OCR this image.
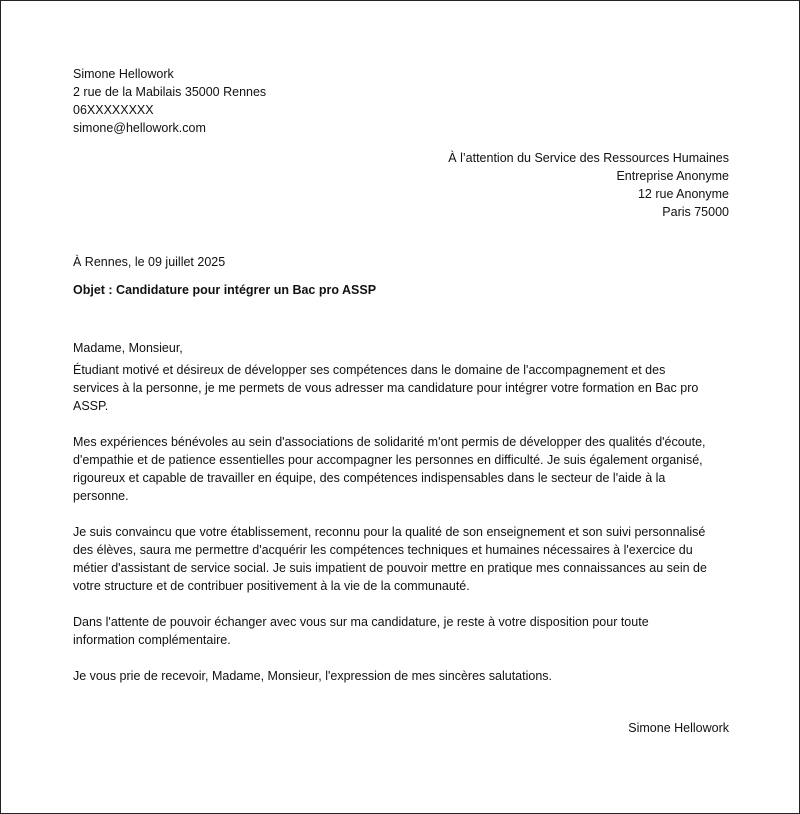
Simone Hellowork
2 rue de la Mabilais 35000 Rennes
06XXXXXXXX
simone@hellowork.com
À l’attention du Service des Ressources Humaines
Entreprise Anonyme
12 rue Anonyme
Paris 75000
À Rennes, le 09 juillet 2025
Objet : Candidature pour intégrer un Bac pro ASSP
Madame, Monsieur,
Étudiant motivé et désireux de développer ses compétences dans le domaine de l'accompagnement et des
services à la personne, je me permets de vous adresser ma candidature pour intégrer votre formation en Bac pro
ASSP.
Mes expériences bénévoles au sein d'associations de solidarité m'ont permis de développer des qualités d'écoute,
d'empathie et de patience essentielles pour accompagner les personnes en difficulté. Je suis également organisé,
rigoureux et capable de travailler en équipe, des compétences indispensables dans le secteur de l'aide à la
personne.
Je suis convaincu que votre établissement, reconnu pour la qualité de son enseignement et son suivi personnalisé
des élèves, saura me permettre d'acquérir les compétences techniques et humaines nécessaires à l'exercice du
métier d'assistant de service social. Je suis impatient de pouvoir mettre en pratique mes connaissances au sein de
votre structure et de contribuer positivement à la vie de la communauté.
Dans l'attente de pouvoir échanger avec vous sur ma candidature, je reste à votre disposition pour toute
information complémentaire.
Je vous prie de recevoir, Madame, Monsieur, l'expression de mes sincères salutations.
Simone Hellowork
